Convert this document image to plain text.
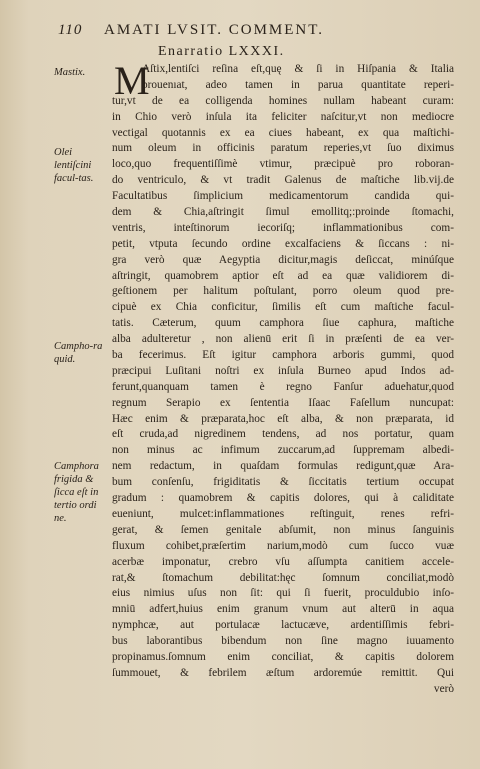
110 AMATI LVSIT. COMMENT.
Enarratio LXXXI.
Mastix.
Olei lentiſcini facul-tas.
Campho-ra quid.
Camphora frigida & ſicca eſt in tertio ordi ne.
M
Aſtix,lentiſci reſina eſt,quę & ſi in Hiſpania & Italia
prouenıat, adeo tamen in parua quantitate reperi-
tur,vt de ea colligenda homines nullam habeant curam:
in Chio verò inſula ita feliciter naſcitur,vt non mediocre
vectigal quotannis ex ea ciues habeant, ex qua maſtichi-
num oleum in officinis paratum reperies,vt ſuo diximus
loco,quo frequentiſſimè vtimur, præcipuè pro roboran-
do ventriculo, & vt tradit Galenus de maſtiche lib.vij.de
Facultatibus ſimplicium medicamentorum candida qui-
dem & Chia,aſtringit ſimul emollitq;:proinde ſtomachi,
ventris, inteſtinorum iecoriſq; inflammationibus com-
petit, vtputa ſecundo ordine excalfaciens & ſiccans : ni-
gra verò quæ Aegyptia dicitur,magis deſiccat, minúſque
aſtringit, quamobrem aptior eſt ad ea quæ validiorem di-
geſtionem per halitum poſtulant, porro oleum quod pre-
cipuè ex Chia conficitur, ſimilis eſt cum maſtiche facul-
tatis. Cæterum, quum camphora ſiue caphura, maſtiche
alba adulteretur , non alienū erit ſi in præſenti de ea ver-
ba fecerimus. Eſt igitur camphora arboris gummi, quod
præcipui Luſitani noſtri ex inſula Burneo apud Indos ad-
ferunt,quanquam tamen è regno Fanſur aduehatur,quod
regnum Serapio ex ſententia Iſaac Faſellum nuncupat:
Hæc enim & præparata,hoc eſt alba, & non præparata, id
eſt cruda,ad nigredinem tendens, ad nos portatur, quam
non minus ac infimum zuccarum,ad ſuppremam albedi-
nem redactum, in quaſdam formulas redigunt,quæ Ara-
bum conſenſu, frigiditatis & ſiccitatis tertium occupat
gradum : quamobrem & capitis dolores, qui à caliditate
eueniunt, mulcet:inflammationes reſtinguit, renes refri-
gerat, & ſemen genitale abſumit, non minus ſanguinis
fluxum cohibet,præſertim narium,modò cum ſucco vuæ
acerbæ imponatur, crebro vſu aſſumpta canitiem accele-
rat,& ſtomachum debilitat:hęc ſomnum conciliat,modò
eius nimius uſus non ſit: qui ſi fuerit, proculdubio inſo-
mniū adfert,huius enim granum vnum aut alterū in aqua
nymphcæ, aut portulacæ lactucæve, ardentiſſimis febri-
bus laborantibus bibendum non ſine magno iuuamento
propinamus.ſomnum enim conciliat, & capitis dolorem
ſummouet, & febrilem æſtum ardoremúe remittit. Qui
verò
